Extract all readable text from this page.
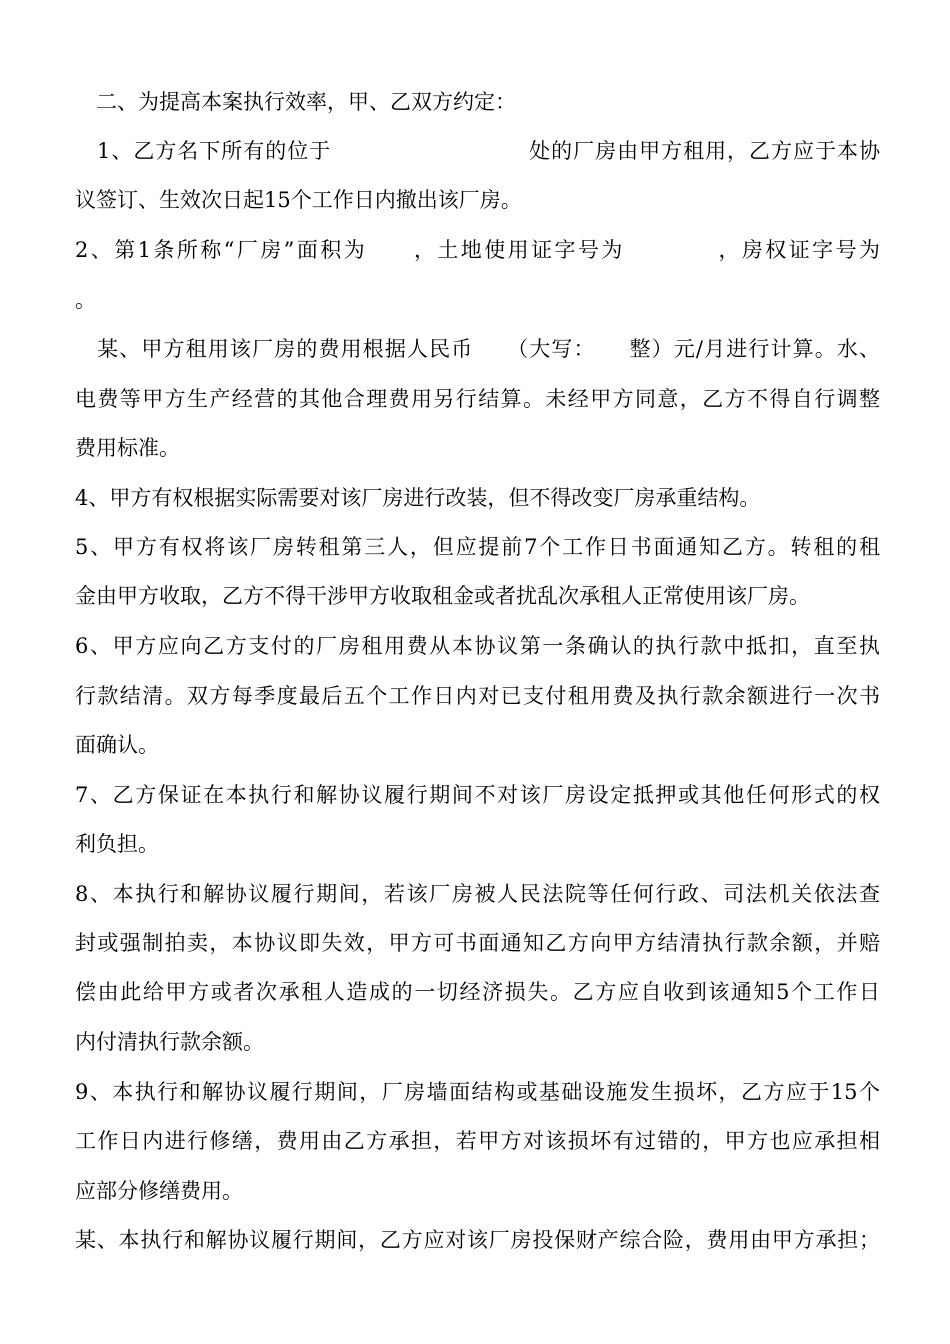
　二、为提高本案执行效率，甲、乙双方约定：
　1、乙方名下所有的位于　　　　　　　　　处的厂房由甲方租用，乙方应于本协
议签订、生效次日起15个工作日内撤出该厂房。
2、第1条所称“厂房”面积为　　，土地使用证字号为　　　　，房权证字号为
。
　某、甲方租用该厂房的费用根据人民币　　（大写：　　整）元/月进行计算。水、
电费等甲方生产经营的其他合理费用另行结算。未经甲方同意，乙方不得自行调整
费用标准。
4、甲方有权根据实际需要对该厂房进行改装，但不得改变厂房承重结构。
5、甲方有权将该厂房转租第三人，但应提前7个工作日书面通知乙方。转租的租
金由甲方收取，乙方不得干涉甲方收取租金或者扰乱次承租人正常使用该厂房。
6、甲方应向乙方支付的厂房租用费从本协议第一条确认的执行款中抵扣，直至执
行款结清。双方每季度最后五个工作日内对已支付租用费及执行款余额进行一次书
面确认。
7、乙方保证在本执行和解协议履行期间不对该厂房设定抵押或其他任何形式的权
利负担。
8、本执行和解协议履行期间，若该厂房被人民法院等任何行政、司法机关依法查
封或强制拍卖，本协议即失效，甲方可书面通知乙方向甲方结清执行款余额，并赔
偿由此给甲方或者次承租人造成的一切经济损失。乙方应自收到该通知5个工作日
内付清执行款余额。
9、本执行和解协议履行期间，厂房墙面结构或基础设施发生损坏，乙方应于15个
工作日内进行修缮，费用由乙方承担，若甲方对该损坏有过错的，甲方也应承担相
应部分修缮费用。
某、本执行和解协议履行期间，乙方应对该厂房投保财产综合险，费用由甲方承担；
